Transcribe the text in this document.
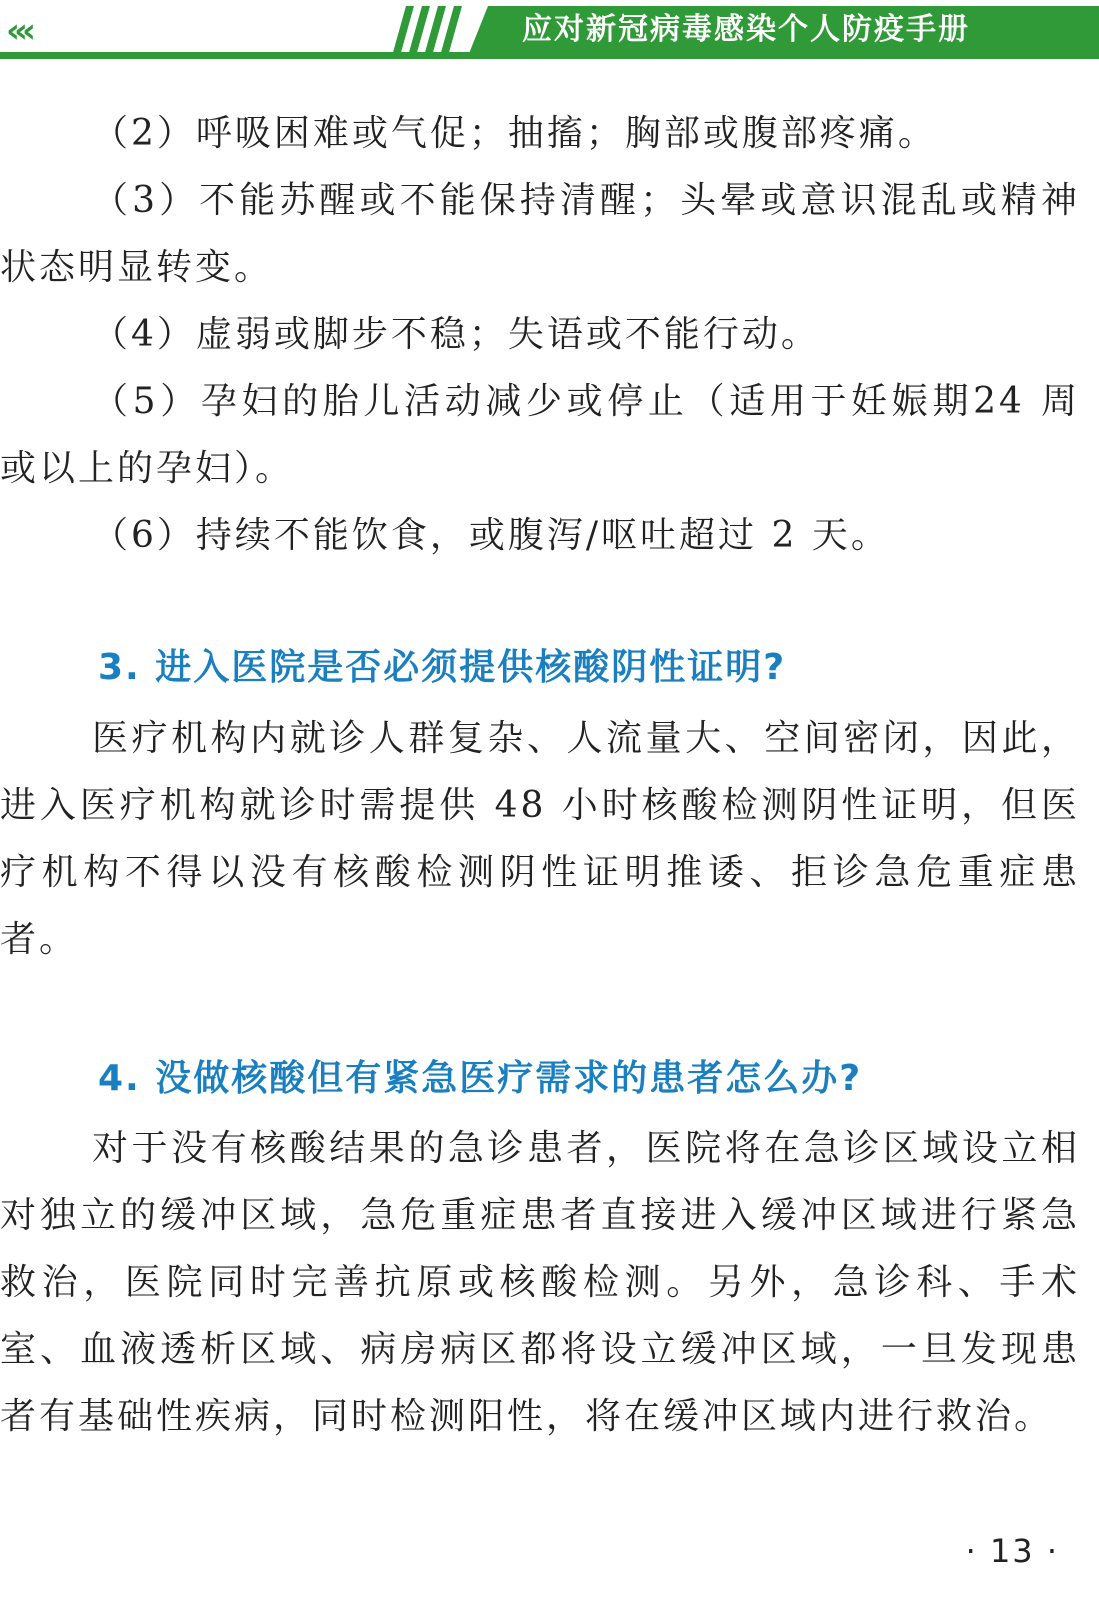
‹‹‹	应对新冠病毒感染个人防疫手册

（2）呼吸困难或气促；抽搐；胸部或腹部疼痛。

（3）不能苏醒或不能保持清醒；头晕或意识混乱或精神状态明显转变。

（4）虚弱或脚步不稳；失语或不能行动。

（5）孕妇的胎儿活动减少或停止（适用于妊娠期24 周或以上的孕妇）。

（6）持续不能饮食，或腹泻/呕吐超过 2 天。

3. 进入医院是否必须提供核酸阴性证明?

医疗机构内就诊人群复杂、人流量大、空间密闭，因此，进入医疗机构就诊时需提供 48 小时核酸检测阴性证明，但医疗机构不得以没有核酸检测阴性证明推诿、拒诊急危重症患者。

4. 没做核酸但有紧急医疗需求的患者怎么办?

对于没有核酸结果的急诊患者，医院将在急诊区域设立相对独立的缓冲区域，急危重症患者直接进入缓冲区域进行紧急救治，医院同时完善抗原或核酸检测。另外，急诊科、手术室、血液透析区域、病房病区都将设立缓冲区域，一旦发现患者有基础性疾病，同时检测阳性，将在缓冲区域内进行救治。

· 13 ·
